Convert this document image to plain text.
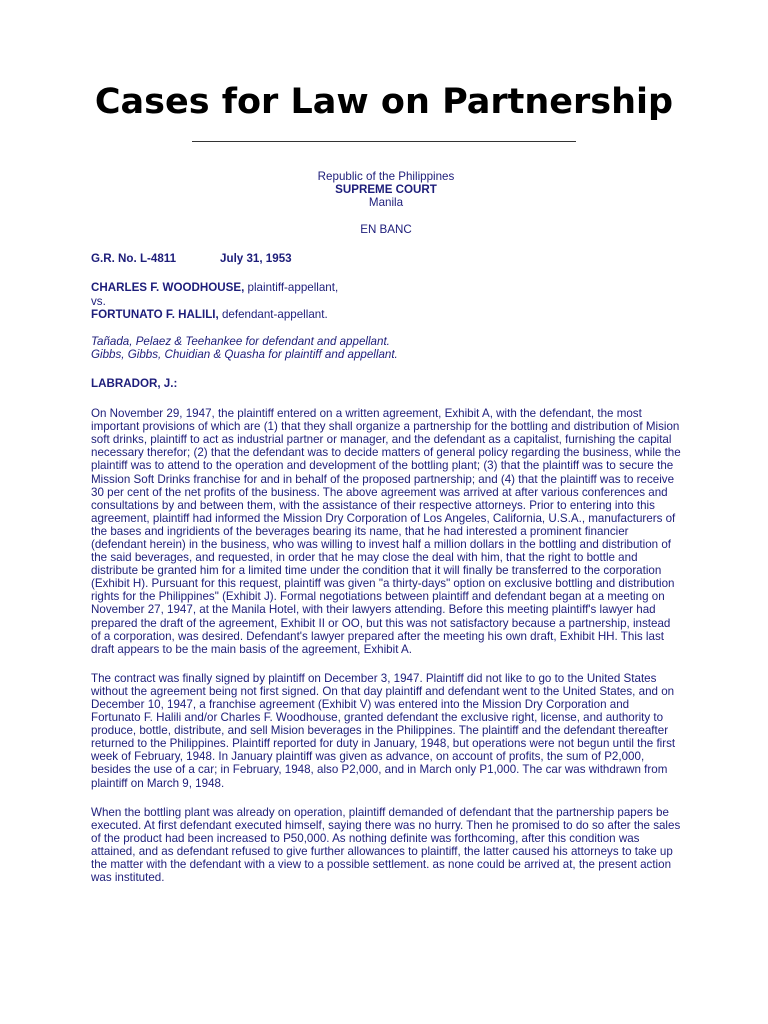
Cases for Law on Partnership
Republic of the Philippines
SUPREME COURT
Manila
EN BANC

G.R. No. L-4811	July 31, 1953

CHARLES F. WOODHOUSE, plaintiff-appellant,

vs.

FORTUNATO F. HALILI, defendant-appellant.

Tañada, Pelaez & Teehankee for defendant and appellant.

Gibbs, Gibbs, Chuidian & Quasha for plaintiff and appellant.

LABRADOR, J.:

On November 29, 1947, the plaintiff entered on a written agreement, Exhibit A, with the defendant, the most important provisions of which are (1) that they shall organize a partnership for the bottling and distribution of Mision soft drinks, plaintiff to act as industrial partner or manager, and the defendant as a capitalist, furnishing the capital necessary therefor; (2) that the defendant was to decide matters of general policy regarding the business, while the plaintiff was to attend to the operation and development of the bottling plant; (3) that the plaintiff was to secure the Mission Soft Drinks franchise for and in behalf of the proposed partnership; and (4) that the plaintiff was to receive 30 per cent of the net profits of the business. The above agreement was arrived at after various conferences and consultations by and between them, with the assistance of their respective attorneys. Prior to entering into this agreement, plaintiff had informed the Mission Dry Corporation of Los Angeles, California, U.S.A., manufacturers of the bases and ingridients of the beverages bearing its name, that he had interested a prominent financier (defendant herein) in the business, who was willing to invest half a million dollars in the bottling and distribution of the said beverages, and requested, in order that he may close the deal with him, that the right to bottle and distribute be granted him for a limited time under the condition that it will finally be transferred to the corporation (Exhibit H). Pursuant for this request, plaintiff was given "a thirty-days" option on exclusive bottling and distribution rights for the Philippines" (Exhibit J). Formal negotiations between plaintiff and defendant began at a meeting on November 27, 1947, at the Manila Hotel, with their lawyers attending. Before this meeting plaintiff's lawyer had prepared the draft of the agreement, Exhibit II or OO, but this was not satisfactory because a partnership, instead of a corporation, was desired. Defendant's lawyer prepared after the meeting his own draft, Exhibit HH. This last draft appears to be the main basis of the agreement, Exhibit A.

The contract was finally signed by plaintiff on December 3, 1947. Plaintiff did not like to go to the United States without the agreement being not first signed. On that day plaintiff and defendant went to the United States, and on December 10, 1947, a franchise agreement (Exhibit V) was entered into the Mission Dry Corporation and Fortunato F. Halili and/or Charles F. Woodhouse, granted defendant the exclusive right, license, and authority to produce, bottle, distribute, and sell Mision beverages in the Philippines. The plaintiff and the defendant thereafter returned to the Philippines. Plaintiff reported for duty in January, 1948, but operations were not begun until the first week of February, 1948. In January plaintiff was given as advance, on account of profits, the sum of P2,000, besides the use of a car; in February, 1948, also P2,000, and in March only P1,000. The car was withdrawn from plaintiff on March 9, 1948.

When the bottling plant was already on operation, plaintiff demanded of defendant that the partnership papers be executed. At first defendant executed himself, saying there was no hurry. Then he promised to do so after the sales of the product had been increased to P50,000. As nothing definite was forthcoming, after this condition was attained, and as defendant refused to give further allowances to plaintiff, the latter caused his attorneys to take up the matter with the defendant with a view to a possible settlement. as none could be arrived at, the present action was instituted.
